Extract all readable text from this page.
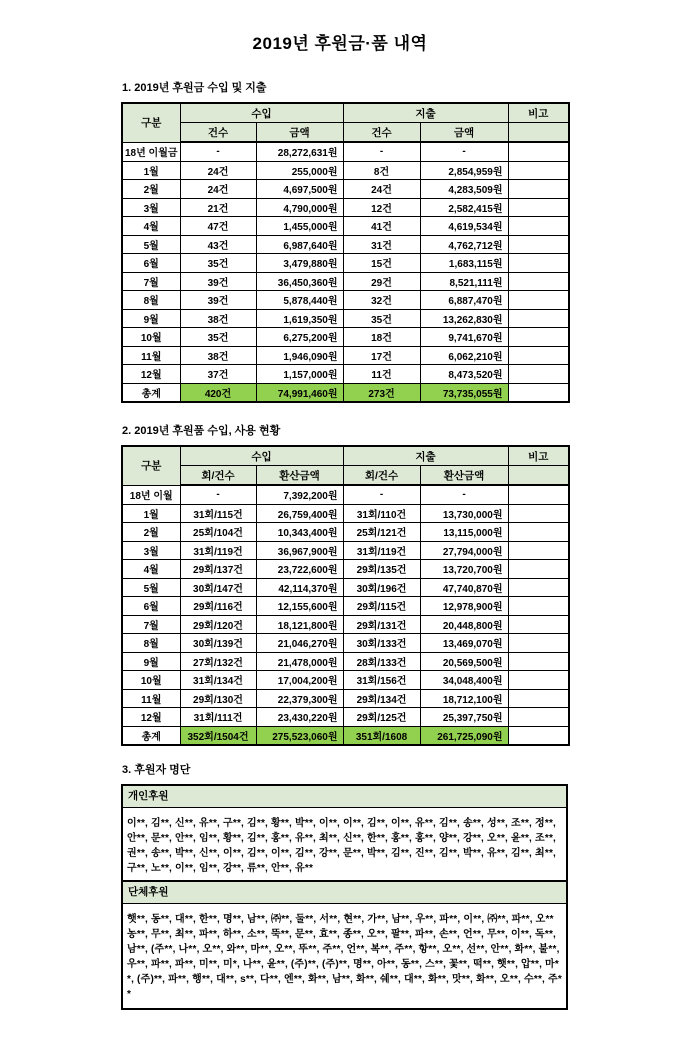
2019년 후원금·품 내역
1. 2019년 후원금 수입 및 지출
구분	수입		지출		비고
	건수	금액	건수	금액	
18년 이월금	-	28,272,631원	-	-	
1월	24건	255,000원	8건	2,854,959원	
2월	24건	4,697,500원	24건	4,283,509원	
3월	21건	4,790,000원	12건	2,582,415원	
4월	47건	1,455,000원	41건	4,619,534원	
5월	43건	6,987,640원	31건	4,762,712원	
6월	35건	3,479,880원	15건	1,683,115원	
7월	39건	36,450,360원	29건	8,521,111원	
8월	39건	5,878,440원	32건	6,887,470원	
9월	38건	1,619,350원	35건	13,262,830원	
10월	35건	6,275,200원	18건	9,741,670원	
11월	38건	1,946,090원	17건	6,062,210원	
12월	37건	1,157,000원	11건	8,473,520원	
총계	420건	74,991,460원	273건	73,735,055원	
2. 2019년 후원품 수입, 사용 현황
구분	수입		지출		비고
	회/건수	환산금액	회/건수	환산금액	
18년 이월	-	7,392,200원	-	-	
1월	31회/115건	26,759,400원	31회/110건	13,730,000원	
2월	25회/104건	10,343,400원	25회/121건	13,115,000원	
3월	31회/119건	36,967,900원	31회/119건	27,794,000원	
4월	29회/137건	23,722,600원	29회/135건	13,720,700원	
5월	30회/147건	42,114,370원	30회/196건	47,740,870원	
6월	29회/116건	12,155,600원	29회/115건	12,978,900원	
7월	29회/120건	18,121,800원	29회/131건	20,448,800원	
8월	30회/139건	21,046,270원	30회/133건	13,469,070원	
9월	27회/132건	21,478,000원	28회/133건	20,569,500원	
10월	31회/134건	17,004,200원	31회/156건	34,048,400원	
11월	29회/130건	22,379,300원	29회/134건	18,712,100원	
12월	31회/111건	23,430,220원	29회/125건	25,397,750원	
총계	352회/1504건	275,523,060원	351회/1608	261,725,090원	
3. 후원자 명단
개인후원
이**, 김**, 신**, 유**, 구**, 김**, 황**, 박**, 이**, 이**, 김**, 이**, 유**, 김**, 송**, 성**, 조**, 정**, 안**, 문**, 안**, 임**, 황**, 김**, 홍**, 유**, 최**, 신**, 한**, 홍**, 홍**, 양**, 강**, 오**, 윤**, 조**, 권**, 송**, 박**, 신**, 이**, 김**, 이**, 김**, 강**, 문**, 박**, 김**, 진**, 김**, 박**, 유**, 김**, 최**, 구**, 노**, 이**, 임**, 강**, 류**, 안**, 유**
단체후원
햇**, 동**, 대**, 한**, 명**, 남**, ㈜**, 둘**, 서**, 현**, 가**, 남**, 우**, 파**, 이**, ㈜**, 파**, 오** 농**, 무**, 최**, 파**, 하**, 소**, 뚝**, 문**, 효**, 종**, 오**, 팔**, 파**, 손**, 언**, 무**, 이**, 독**, 남**, (주**, 나**, 오**, 와**, 마**, 오**, 뚜**, 주**, 언**, 복**, 주**, 항**, 오**, 선**, 안**, 화**, 불**, 우**, 파**, 파**, 미**, 미*, 나**, 윤**, (주)**, (주)**, 명**, 아**, 동**, 스**, 꽃**, 떡**, 햇**, 압**, 마**, (주)**, 파**, 행**, 대**, s**, 다**, 엔**, 화**, 남**, 화**, 쉐**, 대**, 화**, 맛**, 화**, 오**, 수**, 주**
